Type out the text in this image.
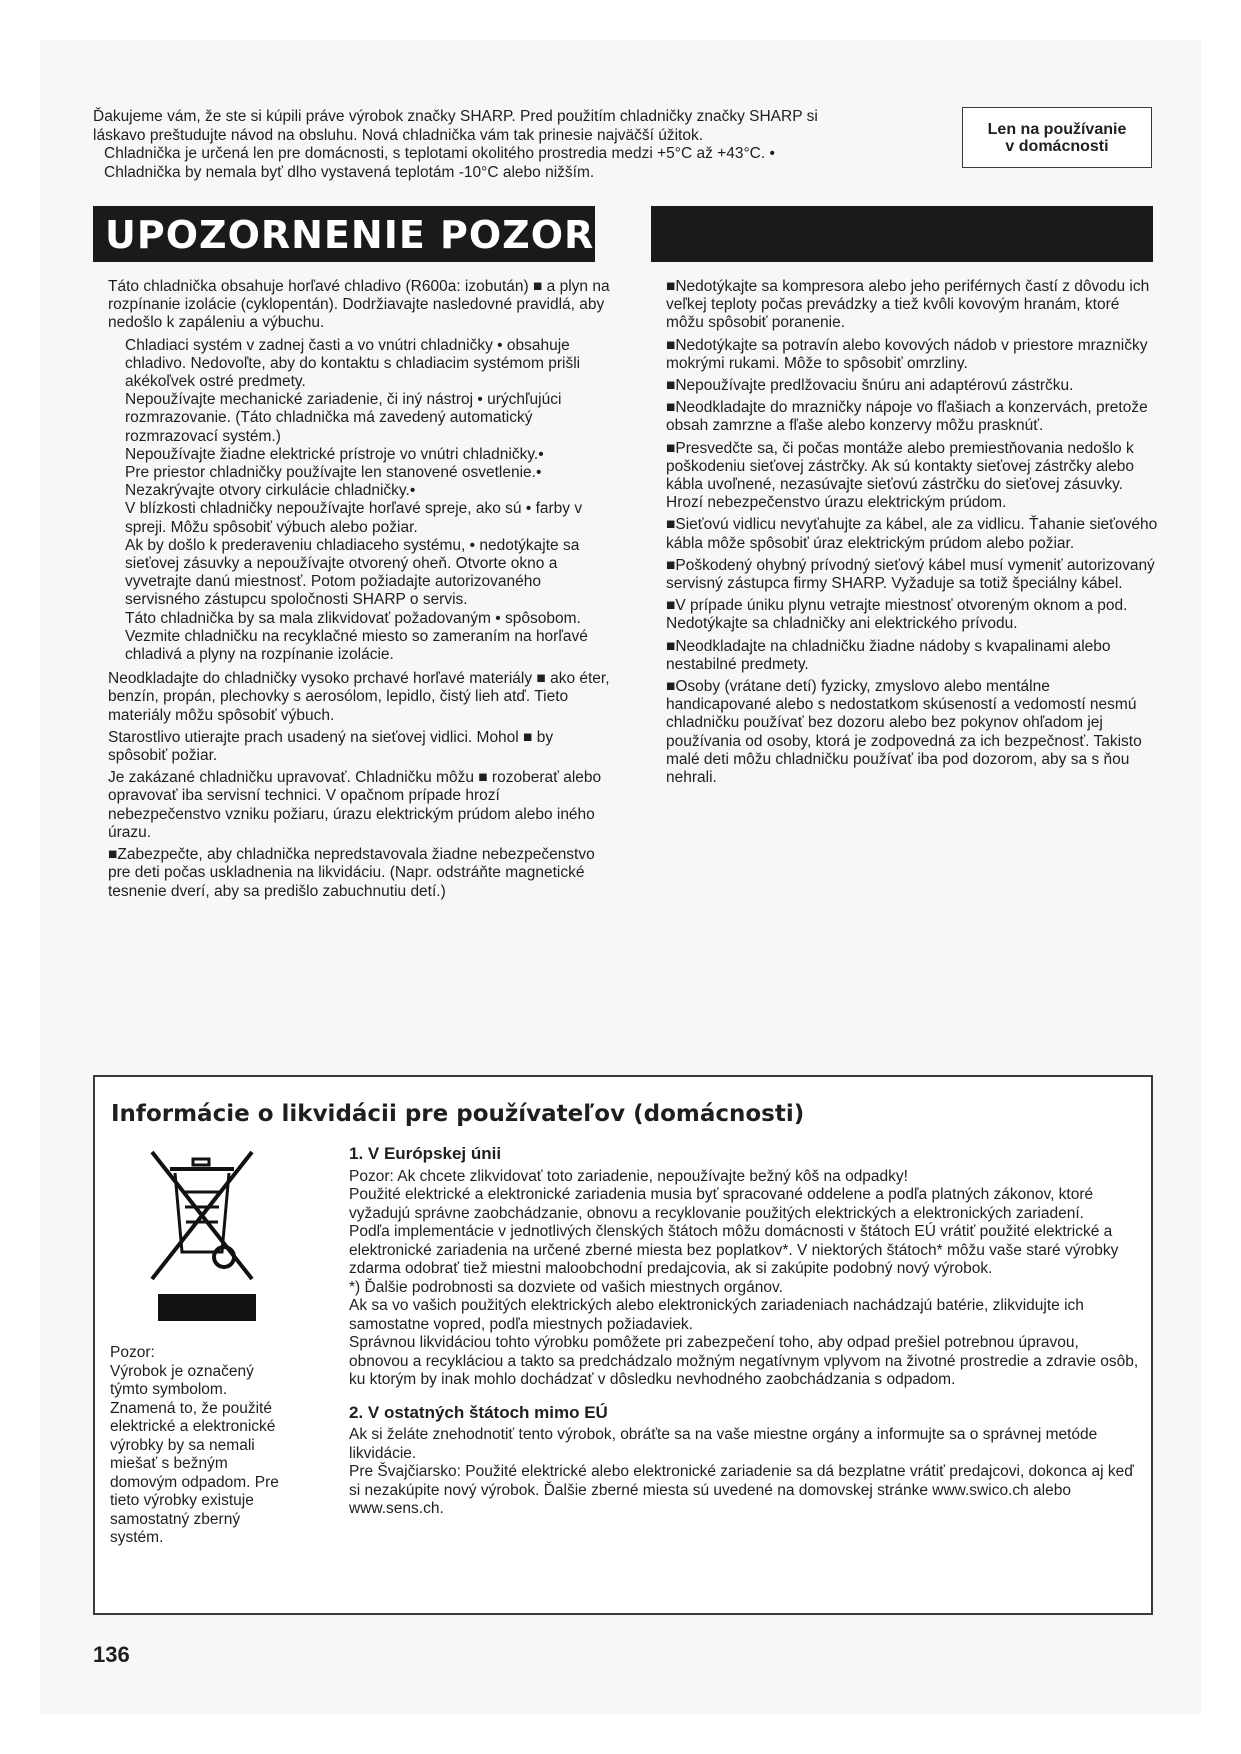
Ďakujeme vám, že ste si kúpili práve výrobok značky SHARP. Pred použitím chladničky značky SHARP si

láskavo preštudujte návod na obsluhu. Nová chladnička vám tak prinesie najväčší úžitok.

Chladnička je určená len pre domácnosti, s teplotami okolitého prostredia medzi +5°C až +43°C. •

Chladnička by nemala byť dlho vystavená teplotám -10°C alebo nižším.

Len na používanie
v domácnosti
UPOZORNENIE POZOR

Táto chladnička obsahuje horľavé chladivo (R600a: izobután) ■ a plyn na rozpínanie izolácie (cyklopentán). Dodržiavajte nasledovné pravidlá, aby nedošlo k zapáleniu a výbuchu.

Chladiaci systém v zadnej časti a vo vnútri chladničky • obsahuje chladivo. Nedovoľte, aby do kontaktu s chladiacim systémom prišli akékoľvek ostré predmety.

Nepoužívajte mechanické zariadenie, či iný nástroj • urýchľujúci rozmrazovanie. (Táto chladnička má zavedený automatický rozmrazovací systém.)

Nepoužívajte žiadne elektrické prístroje vo vnútri chladničky.•

Pre priestor chladničky používajte len stanovené osvetlenie.•

Nezakrývajte otvory cirkulácie chladničky.•

V blízkosti chladničky nepoužívajte horľavé spreje, ako sú • farby v spreji. Môžu spôsobiť výbuch alebo požiar.

Ak by došlo k prederaveniu chladiaceho systému, • nedotýkajte sa sieťovej zásuvky a nepoužívajte otvorený oheň. Otvorte okno a vyvetrajte danú miestnosť. Potom požiadajte autorizovaného servisného zástupcu spoločnosti SHARP o servis.

Táto chladnička by sa mala zlikvidovať požadovaným • spôsobom. Vezmite chladničku na recyklačné miesto so zameraním na horľavé chladivá a plyny na rozpínanie izolácie.

Neodkladajte do chladničky vysoko prchavé horľavé materiály ■ ako éter, benzín, propán, plechovky s aerosólom, lepidlo, čistý lieh atď. Tieto materiály môžu spôsobiť výbuch.

Starostlivo utierajte prach usadený na sieťovej vidlici. Mohol ■ by spôsobiť požiar.

Je zakázané chladničku upravovať. Chladničku môžu ■ rozoberať alebo opravovať iba servisní technici. V opačnom prípade hrozí nebezpečenstvo vzniku požiaru, úrazu elektrickým prúdom alebo iného úrazu.

■Zabezpečte, aby chladnička nepredstavovala žiadne nebezpečenstvo pre deti počas uskladnenia na likvidáciu. (Napr. odstráňte magnetické tesnenie dverí, aby sa predišlo zabuchnutiu detí.)

■Nedotýkajte sa kompresora alebo jeho periférnych častí z dôvodu ich veľkej teploty počas prevádzky a tiež kvôli kovovým hranám, ktoré môžu spôsobiť poranenie.

■Nedotýkajte sa potravín alebo kovových nádob v priestore mrazničky mokrými rukami. Môže to spôsobiť omrzliny.

■Nepoužívajte predlžovaciu šnúru ani adaptérovú zástrčku.

■Neodkladajte do mrazničky nápoje vo fľašiach a konzervách, pretože obsah zamrzne a fľaše alebo konzervy môžu prasknúť.

■Presvedčte sa, či počas montáže alebo premiestňovania nedošlo k poškodeniu sieťovej zástrčky. Ak sú kontakty sieťovej zástrčky alebo kábla uvoľnené, nezasúvajte sieťovú zástrčku do sieťovej zásuvky. Hrozí nebezpečenstvo úrazu elektrickým prúdom.

■Sieťovú vidlicu nevyťahujte za kábel, ale za vidlicu. Ťahanie sieťového kábla môže spôsobiť úraz elektrickým prúdom alebo požiar.

■Poškodený ohybný prívodný sieťový kábel musí vymeniť autorizovaný servisný zástupca firmy SHARP. Vyžaduje sa totiž špeciálny kábel.

■V prípade úniku plynu vetrajte miestnosť otvoreným oknom a pod. Nedotýkajte sa chladničky ani elektrického prívodu.

■Neodkladajte na chladničku žiadne nádoby s kvapalinami alebo nestabilné predmety.

■Osoby (vrátane detí) fyzicky, zmyslovo alebo mentálne handicapované alebo s nedostatkom skúseností a vedomostí nesmú chladničku používať bez dozoru alebo bez pokynov ohľadom jej používania od osoby, ktorá je zodpovedná za ich bezpečnosť. Takisto malé deti môžu chladničku používať iba pod dozorom, aby sa s ňou nehrali.

Informácie o likvidácii pre používateľov (domácnosti)

Pozor:

Výrobok je označený

týmto symbolom.

Znamená to, že použité

elektrické a elektronické

výrobky by sa nemali

miešať s bežným

domovým odpadom. Pre

tieto výrobky existuje

samostatný zberný

systém.

1. V Európskej únii

Pozor: Ak chcete zlikvidovať toto zariadenie, nepoužívajte bežný kôš na odpadky!

Použité elektrické a elektronické zariadenia musia byť spracované oddelene a podľa platných zákonov, ktoré vyžadujú správne zaobchádzanie, obnovu a recyklovanie použitých elektrických a elektronických zariadení.

Podľa implementácie v jednotlivých členských štátoch môžu domácnosti v štátoch EÚ vrátiť použité elektrické a elektronické zariadenia na určené zberné miesta bez poplatkov*. V niektorých štátoch* môžu vaše staré výrobky zdarma odobrať tiež miestni maloobchodní predajcovia, ak si zakúpite podobný nový výrobok.

*) Ďalšie podrobnosti sa dozviete od vašich miestnych orgánov.

Ak sa vo vašich použitých elektrických alebo elektronických zariadeniach nachádzajú batérie, zlikvidujte ich samostatne vopred, podľa miestnych požiadaviek.

Správnou likvidáciou tohto výrobku pomôžete pri zabezpečení toho, aby odpad prešiel potrebnou úpravou, obnovou a recykláciou a takto sa predchádzalo možným negatívnym vplyvom na životné prostredie a zdravie osôb, ku ktorým by inak mohlo dochádzať v dôsledku nevhodného zaobchádzania s odpadom.

2. V ostatných štátoch mimo EÚ

Ak si želáte znehodnotiť tento výrobok, obráťte sa na vaše miestne orgány a informujte sa o správnej metóde likvidácie.

Pre Švajčiarsko: Použité elektrické alebo elektronické zariadenie sa dá bezplatne vrátiť predajcovi, dokonca aj keď si nezakúpite nový výrobok. Ďalšie zberné miesta sú uvedené na domovskej stránke www.swico.ch alebo www.sens.ch.

136
